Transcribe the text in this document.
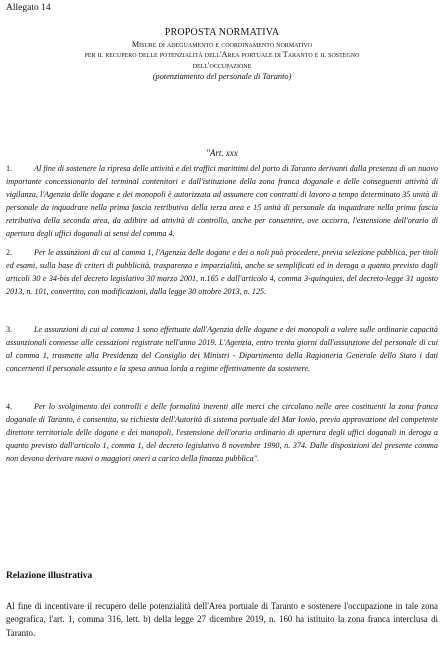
Allegato 14
PROPOSTA NORMATIVA
Misure di adeguamento e coordinamento normativo
per il recupero delle potenzialità dell'Area portuale di Taranto e il sostegno
dell'occupazione
(potenziamento del personale di Taranto)
"Art. xxx
1.	Al fine di sostenere la ripresa delle attività e dei traffici marittimi del porto di Taranto derivanti dalla presenza di un nuovo importante concessionario del terminal contenitori e dall'istituzione della zona franca doganale e delle conseguenti attività di vigilanza, l'Agenzia delle dogane e dei monopoli è autorizzata ad assumere con contratti di lavoro a tempo determinato 35 unità di personale da inquadrare nella prima fascia retributiva della terza area e 15 unità di personale da inquadrare nella prima fascia retributiva della seconda area, da adibire ad attività di controllo, anche per consentire, ove occorra, l'estensione dell'orario di apertura degli uffici doganali ai sensi del comma 4.
2.	Per le assunzioni di cui al comma 1, l'Agenzia delle dogane e dei o noli può procedere, previa selezione pubblica, per titoli ed esami, sulla base di criteri di pubblicità, trasparenza e imparzialità, anche se semplificati ed in deroga a quanto previsto dagli articoli 30 e 34-bis del decreto legislativo 30 marzo 2001, n.165 e dall'articolo 4, comma 3-quinquies, del decreto-legge 31 agosto 2013, n. 101, convertito, con modificazioni, dalla legge 30 ottobre 2013, n. 125.
3.	Le assunzioni di cui al comma 1 sono effettuate dall'Agenzia delle dogane e dei monopoli a valere sulle ordinarie capacità assunzionali connesse alle cessazioni registrate nell'anno 2019. L'Agenzia, entro trenta giorni dall'assunzione del personale di cui al comma 1, trasmette alla Presidenza del Consiglio dei Ministri - Dipartimento della Ragioneria Generale dello Stato i dati concernenti il personale assunto e la spesa annua lorda a regime effettivamente da sostenere.
4.	Per lo svolgimento dei controlli e delle formalità inerenti alle merci che circolano nelle aree costituenti la zona franca doganale di Taranto, è consentita, su richiesta dell'Autorità di sistema portuale del Mar Ionio, previa approvazione del competente direttore territoriale delle dogane e dei monopoli, l'estensione dell'orario ordinario di apertura degli uffici doganali in deroga a quanto previsto dall'articolo 1, comma 1, del decreto legislativo 8 novembre 1990, n. 374. Dalle disposizioni del presente comma non devono derivare nuovi o maggiori oneri a carico della finanza pubblica".
Relazione illustrativa
Al fine di incentivare il recupero delle potenzialità dell'Area portuale di Taranto e sostenere l'occupazione in tale zona geografica, l'art. 1, comma 316, lett. b) della legge 27 dicembre 2019, n. 160 ha istituito la zona franca interclusa di Taranto.
